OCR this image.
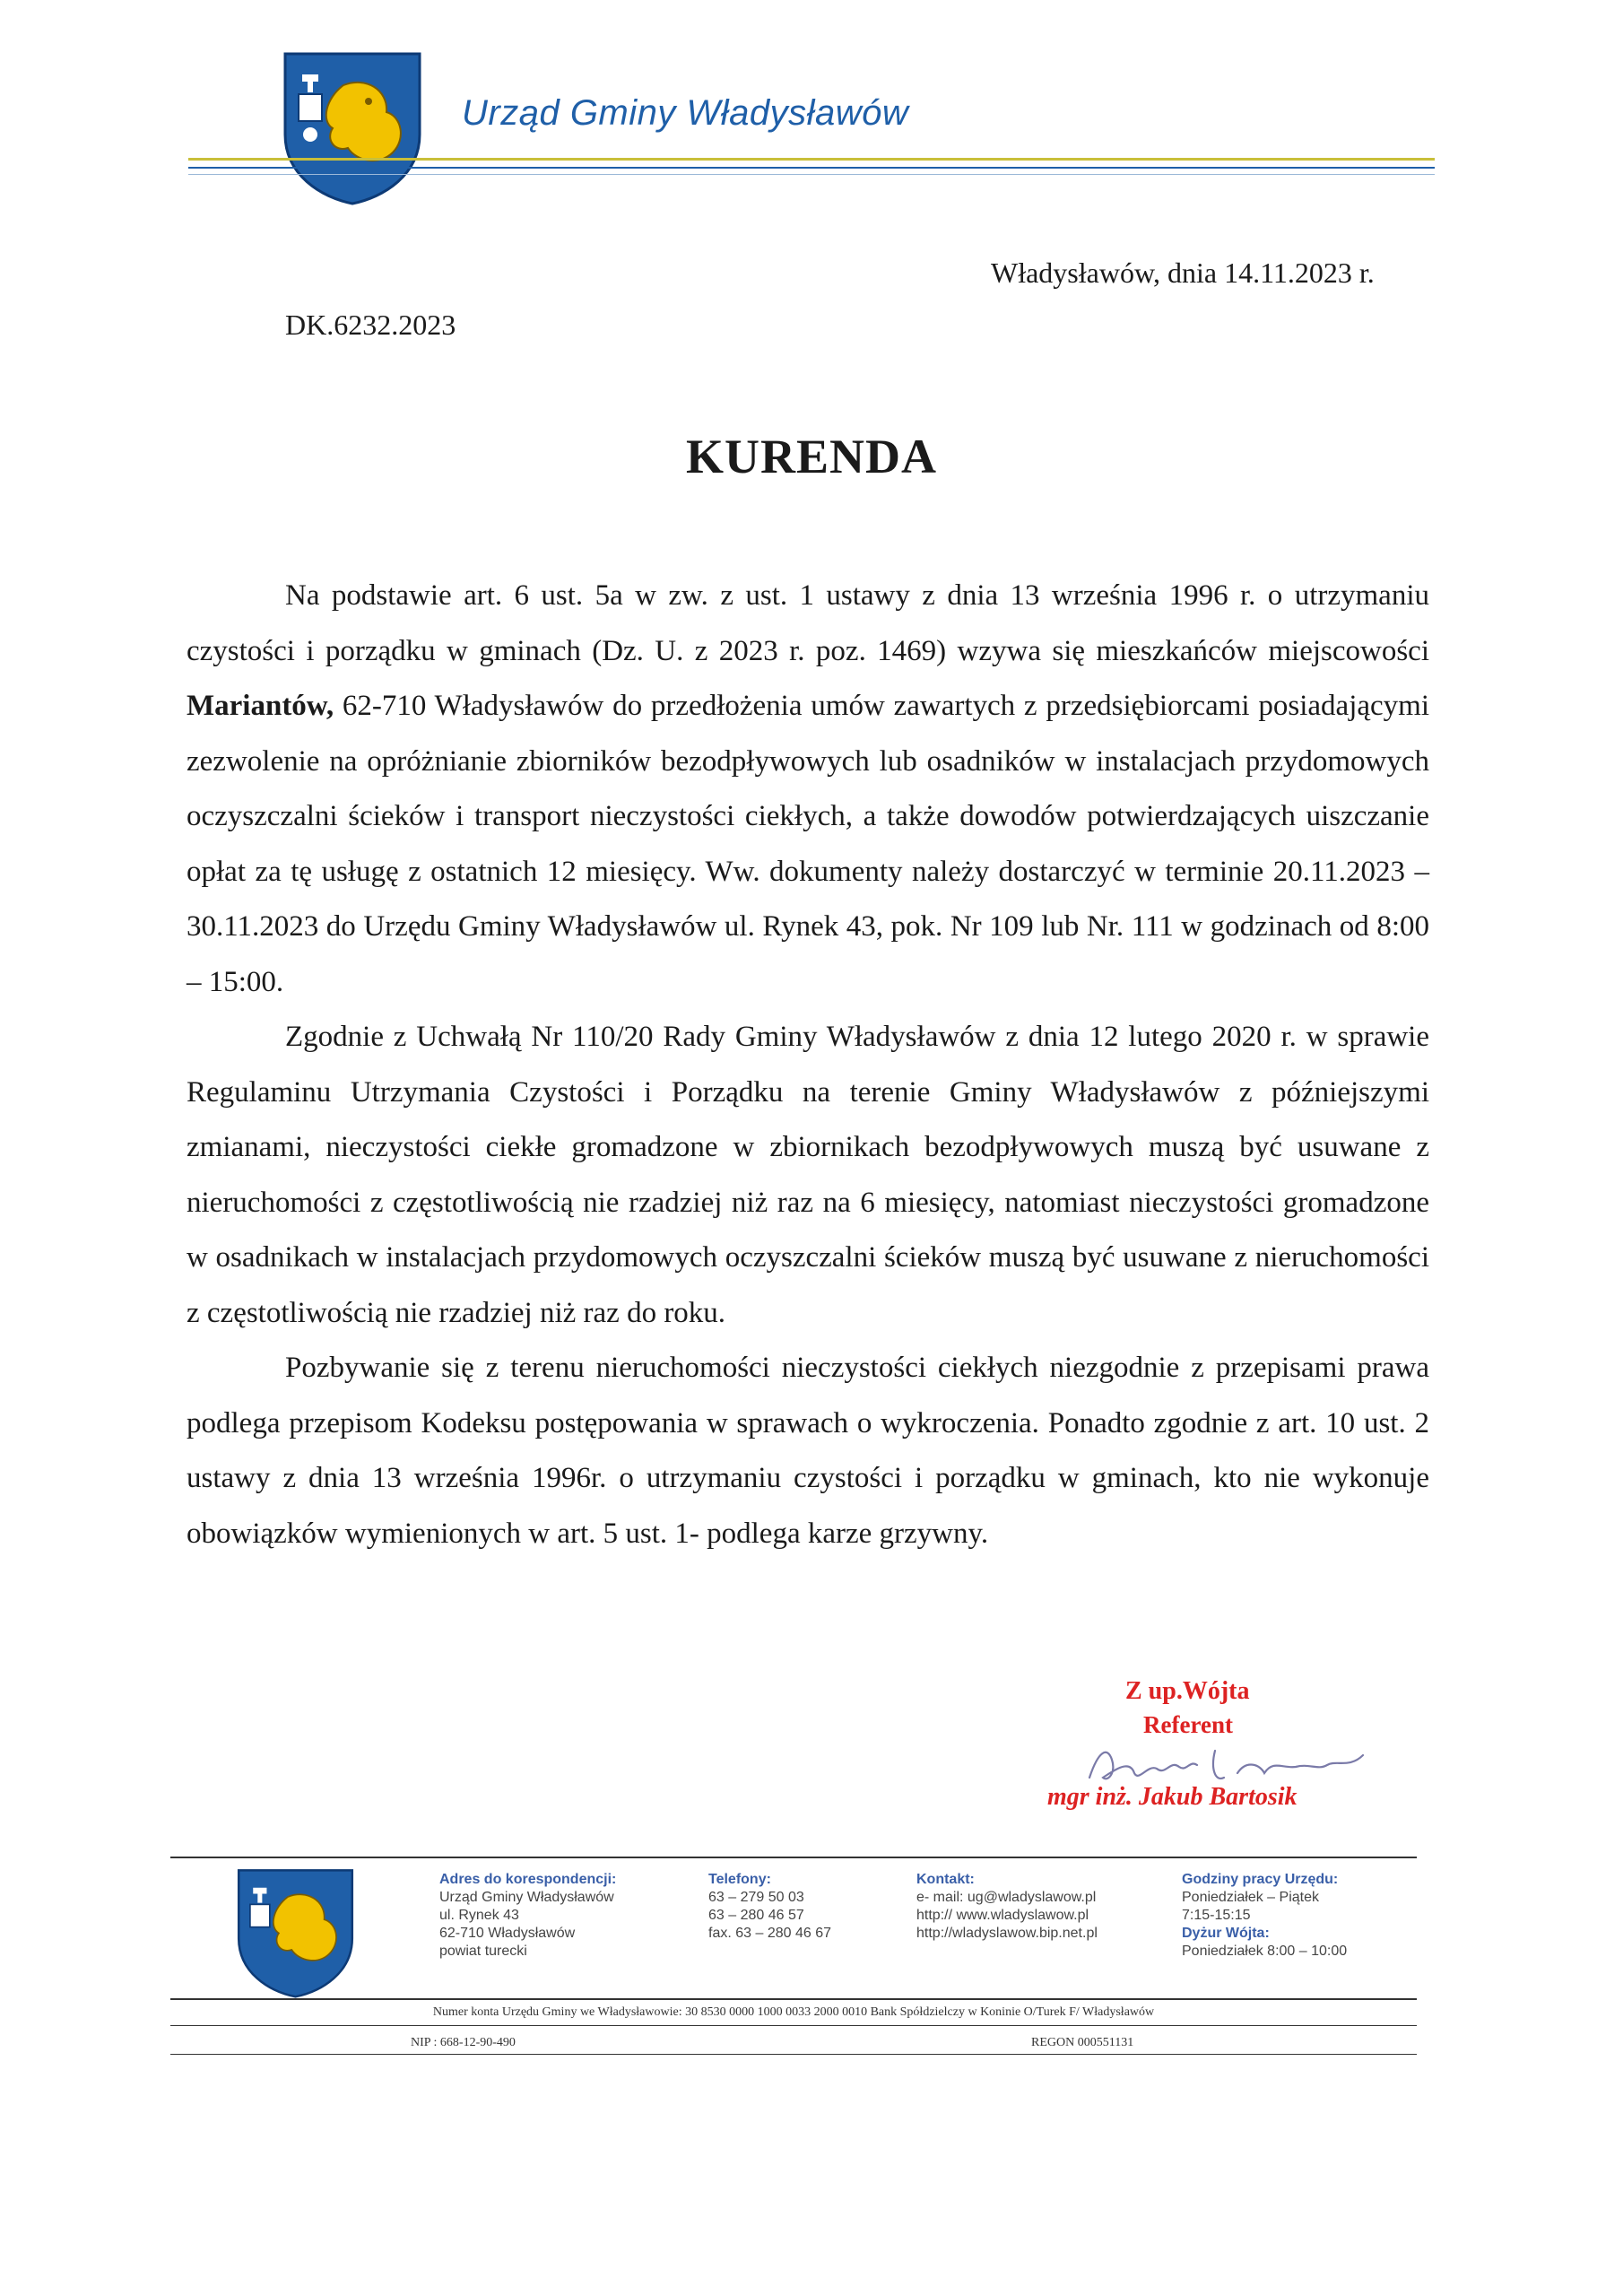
Urząd Gminy Władysławów
Władysławów, dnia 14.11.2023 r.
DK.6232.2023
KURENDA

Na podstawie art. 6 ust. 5a w zw. z ust. 1 ustawy z dnia 13 września 1996 r. o utrzymaniu czystości i porządku w gminach (Dz. U. z 2023 r. poz. 1469) wzywa się mieszkańców miejscowości Mariantów, 62-710 Władysławów do przedłożenia umów zawartych z przedsiębiorcami posiadającymi zezwolenie na opróżnianie zbiorników bezodpływowych lub osadników w instalacjach przydomowych oczyszczalni ścieków i transport nieczystości ciekłych, a także dowodów potwierdzających uiszczanie opłat za tę usługę z ostatnich 12 miesięcy. Ww. dokumenty należy dostarczyć w terminie 20.11.2023 – 30.11.2023 do Urzędu Gminy Władysławów ul. Rynek 43, pok. Nr 109 lub Nr. 111 w godzinach od 8:00 – 15:00.

Zgodnie z Uchwałą Nr 110/20 Rady Gminy Władysławów z dnia 12 lutego 2020 r. w sprawie Regulaminu Utrzymania Czystości i Porządku na terenie Gminy Władysławów z późniejszymi zmianami, nieczystości ciekłe gromadzone w zbiornikach bezodpływowych muszą być usuwane z nieruchomości z częstotliwością nie rzadziej niż raz na 6 miesięcy, natomiast nieczystości gromadzone w osadnikach w instalacjach przydomowych oczyszczalni ścieków muszą być usuwane z nieruchomości z częstotliwością nie rzadziej niż raz do roku.

Pozbywanie się z terenu nieruchomości nieczystości ciekłych niezgodnie z przepisami prawa podlega przepisom Kodeksu postępowania w sprawach o wykroczenia. Ponadto zgodnie z art. 10 ust. 2 ustawy z dnia 13 września 1996r. o utrzymaniu czystości i porządku w gminach, kto nie wykonuje obowiązków wymienionych w art. 5 ust. 1- podlega karze grzywny.

Z up.Wójta
Referent
mgr inż. Jakub Bartosik
Adres do korespondencji:
Urząd Gminy Władysławów
ul. Rynek 43
62-710 Władysławów
powiat turecki
Telefony:
63 – 279 50 03
63 – 280 46 57
fax. 63 – 280 46 67
Kontakt:
e- mail: ug@wladyslawow.pl
http:// www.wladyslawow.pl
http://wladyslawow.bip.net.pl
Godziny pracy Urzędu:
Poniedziałek – Piątek
7:15-15:15
Dyżur Wójta:
Poniedziałek 8:00 – 10:00
Numer konta Urzędu Gminy we Władysławowie: 30 8530 0000 1000 0033 2000 0010 Bank Spółdzielczy w Koninie O/Turek F/ Władysławów
NIP : 668-12-90-490	REGON 000551131
